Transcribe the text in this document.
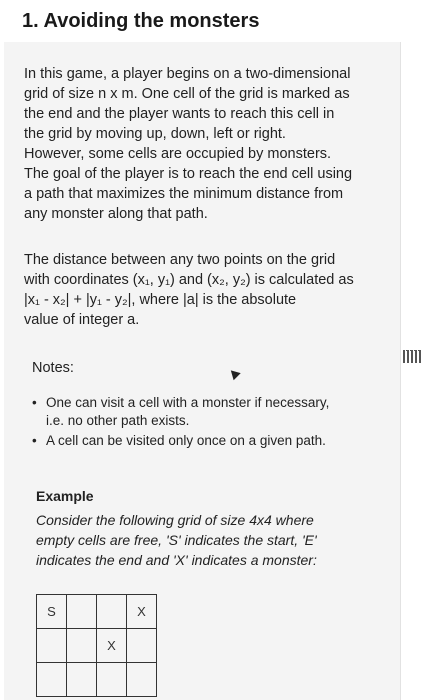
1. Avoiding the monsters
In this game, a player begins on a two-dimensional
grid of size n x m. One cell of the grid is marked as
the end and the player wants to reach this cell in
the grid by moving up, down, left or right.
However, some cells are occupied by monsters.
The goal of the player is to reach the end cell using
a path that maximizes the minimum distance from
any monster along that path.
The distance between any two points on the grid
with coordinates (x₁, y₁) and (x₂, y₂) is calculated as
|x₁ - x₂| + |y₁ - y₂|, where |a| is the absolute
value of integer a.
Notes:
• One can visit a cell with a monster if necessary,
i.e. no other path exists.
• A cell can be visited only once on a given path.
Example
Consider the following grid of size 4x4 where
empty cells are free, 'S' indicates the start, 'E'
indicates the end and 'X' indicates a monster:
S	X
X
